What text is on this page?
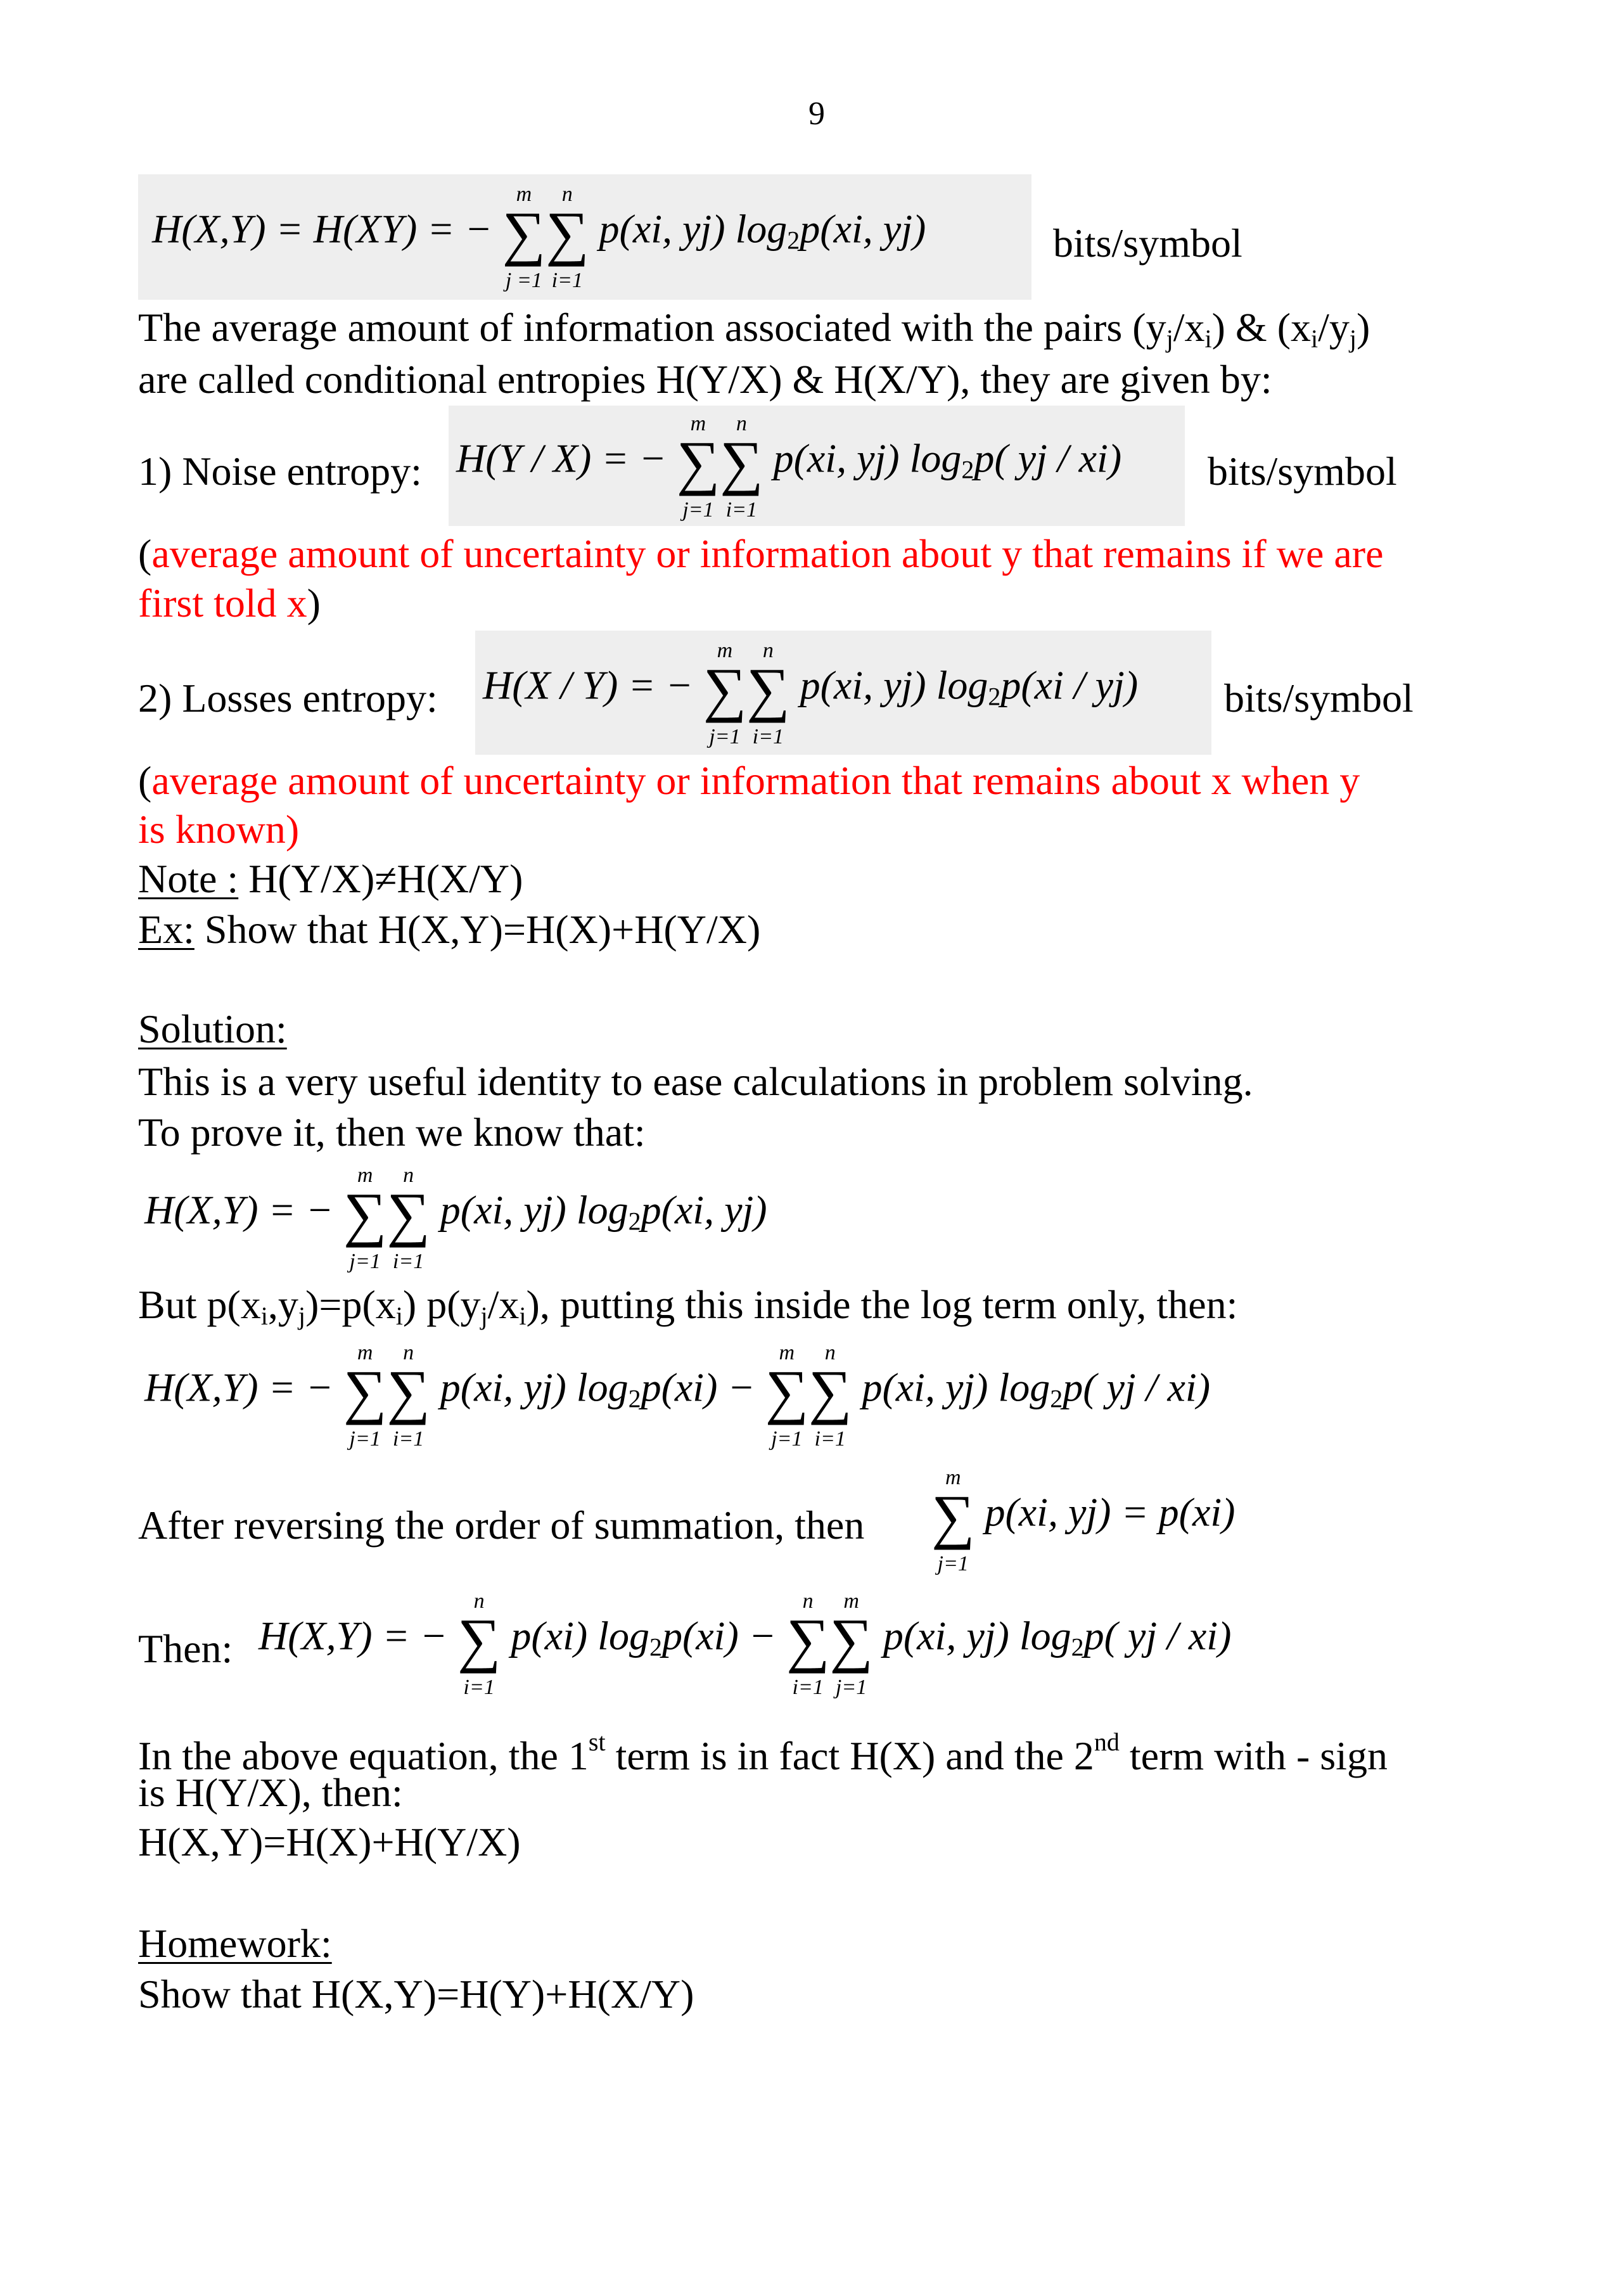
9
H(X,Y) = H(XY) = − ∑
m
j =1
∑
n
i=1
p(xi, yj) $\log_2p(xi$, yj)	bits/symbol
The average amount of information associated with the pairs $(y_j/x_i)$ & $(x_i/y_j)$
are called conditional entropies H(Y/X) & H(X/Y), they are given by:
1) Noise entropy: H(Y / X) = − ∑
m
j=1
∑
n
i=1
p(xi, yj) $\log_2p$( yj / xi) bits/symbol
(average amount of uncertainty or information about y that remains if we are
first told x)
2) Losses entropy: H(X / Y) = − ∑
m
j=1
∑
n
i=1
p(xi, yj) $\log_2p(xi / yj)$ bits/symbol
(average amount of uncertainty or information that remains about x when y
is known)
Note : H(Y/X)≠H(X/Y)
Ex: Show that H(X,Y)=H(X)+H(Y/X)
Solution:
This is a very useful identity to ease calculations in problem solving.
To prove it, then we know that:
H(X,Y) = − ∑
m
j=1
∑
n
i=1
p(xi, yj) $\log_2p(xi$, yj)
But $p(x_i,y_j)=p(x_i)$ $p(y_j/x_i)$, putting this inside the log term only, then:
H(X,Y) = − ∑
m
j=1
∑
n
i=1
p(xi, yj) $\log_2p(xi)$ − ∑
m
j=1
∑
n
i=1
p(xi, yj) $\log_2p$( yj / xi)
After reversing the order of summation, then ∑
m
j=1
p(xi, yj) = p(xi)
Then: H(X,Y) = − ∑
n
i=1
p(xi) $\log_2p(xi)$ − ∑
n
i=1
∑
m
j=1
p(xi, yj) $\log_2p$( yj / xi)
In the above equation, the 1st term is in fact H(X) and the 2nd term with - sign
is H(Y/X), then:
H(X,Y)=H(X)+H(Y/X)
Homework:
Show that H(X,Y)=H(Y)+H(X/Y)
